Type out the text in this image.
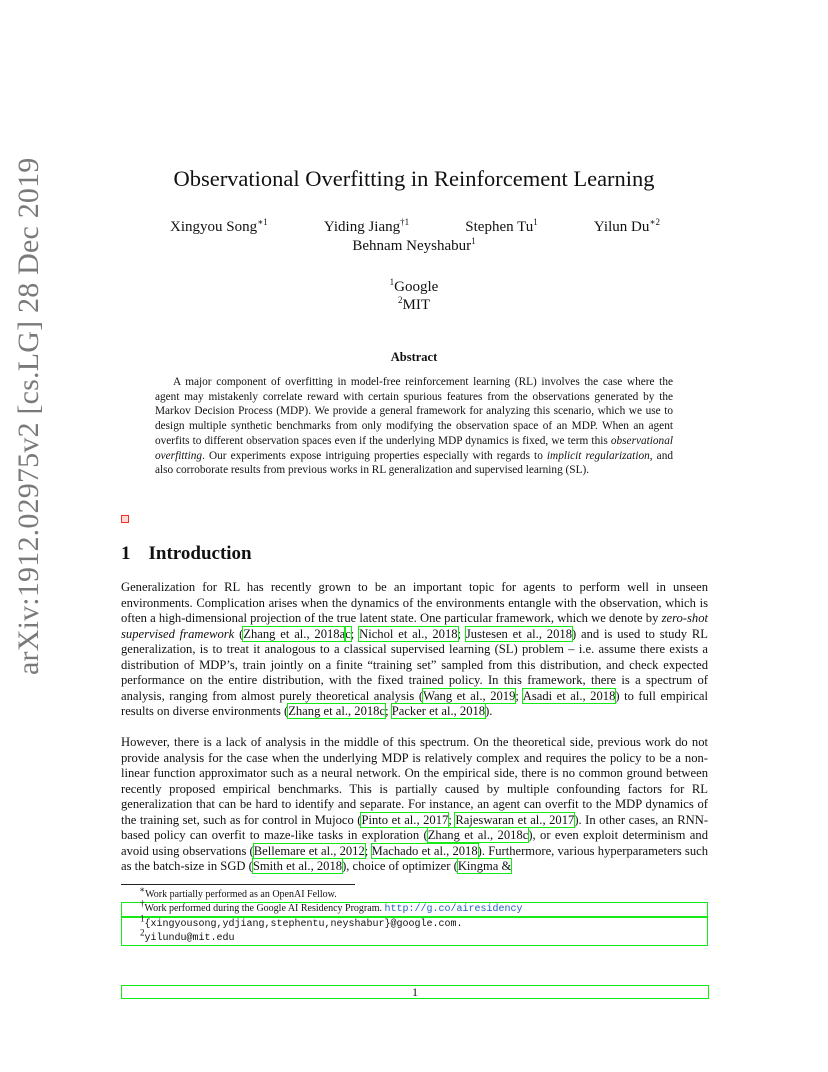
arXiv:1912.02975v2 [cs.LG] 28 Dec 2019	Observational Overfitting in Reinforcement Learning
Xingyou Song$^{∗1}$	Yiding Jiang$^{\dagger 1}$	Stephen Tu$^1$	Yilun $Du^{∗2}$
Behnam Neyshabur$^1$
$^1$Google
$^2$MIT
Abstract
A major component of overfitting in model-free reinforcement learning (RL) involves the case where the agent may mistakenly correlate reward with certain spurious features from the observations generated by the Markov Decision Process (MDP). We provide a general framework for analyzing this scenario, which we use to design multiple synthetic benchmarks from only modifying the observation space of an MDP. When an agent overfits to different observation spaces even if the underlying MDP dynamics is fixed, we term this observational overfitting. Our experiments expose intriguing properties especially with regards to implicit regularization, and also corroborate results from previous works in RL generalization and supervised learning (SL).
1 Introduction
Generalization for RL has recently grown to be an important topic for agents to perform well in unseen environments. Complication arises when the dynamics of the environments entangle with the observation, which is often a high-dimensional projection of the true latent state. One particular framework, which we denote by zero-shot supervised framework (Zhang et al., 2018ac; Nichol et al., 2018; Justesen et al., 2018) and is used to study RL generalization, is to treat it analogous to a classical supervised learning (SL) problem – i.e. assume there exists a distribution of MDP’s, train jointly on a finite “training set” sampled from this distribution, and check expected performance on the entire distribution, with the fixed trained policy. In this framework, there is a spectrum of analysis, ranging from almost purely theoretical analysis (Wang et al., 2019; Asadi et al., 2018) to full empirical results on diverse environments (Zhang et al., 2018c; Packer et al., 2018).
However, there is a lack of analysis in the middle of this spectrum. On the theoretical side, previous work do not provide analysis for the case when the underlying MDP is relatively complex and requires the policy to be a non-linear function approximator such as a neural network. On the empirical side, there is no common ground between recently proposed empirical benchmarks. This is partially caused by multiple confounding factors for RL generalization that can be hard to identify and separate. For instance, an agent can overfit to the MDP dynamics of the training set, such as for control in Mujoco (Pinto et al., 2017; Rajeswaran et al., 2017). In other cases, an RNN-based policy can overfit to maze-like tasks in exploration (Zhang et al., 2018c), or even exploit determinism and avoid using observations (Bellemare et al., 2012; Machado et al., 2018). Furthermore, various hyperparameters such as the batch-size in SGD (Smith et al., 2018), choice of optimizer (Kingma &
∗Work partially performed as an OpenAI Fellow.
†Work performed during the Google AI Residency Program. http://g.co/airesidency
$^1${xingyousong,ydjiang,stephentu,neyshabur}@google.com.
$^2$yilundu@mit.edu
1
